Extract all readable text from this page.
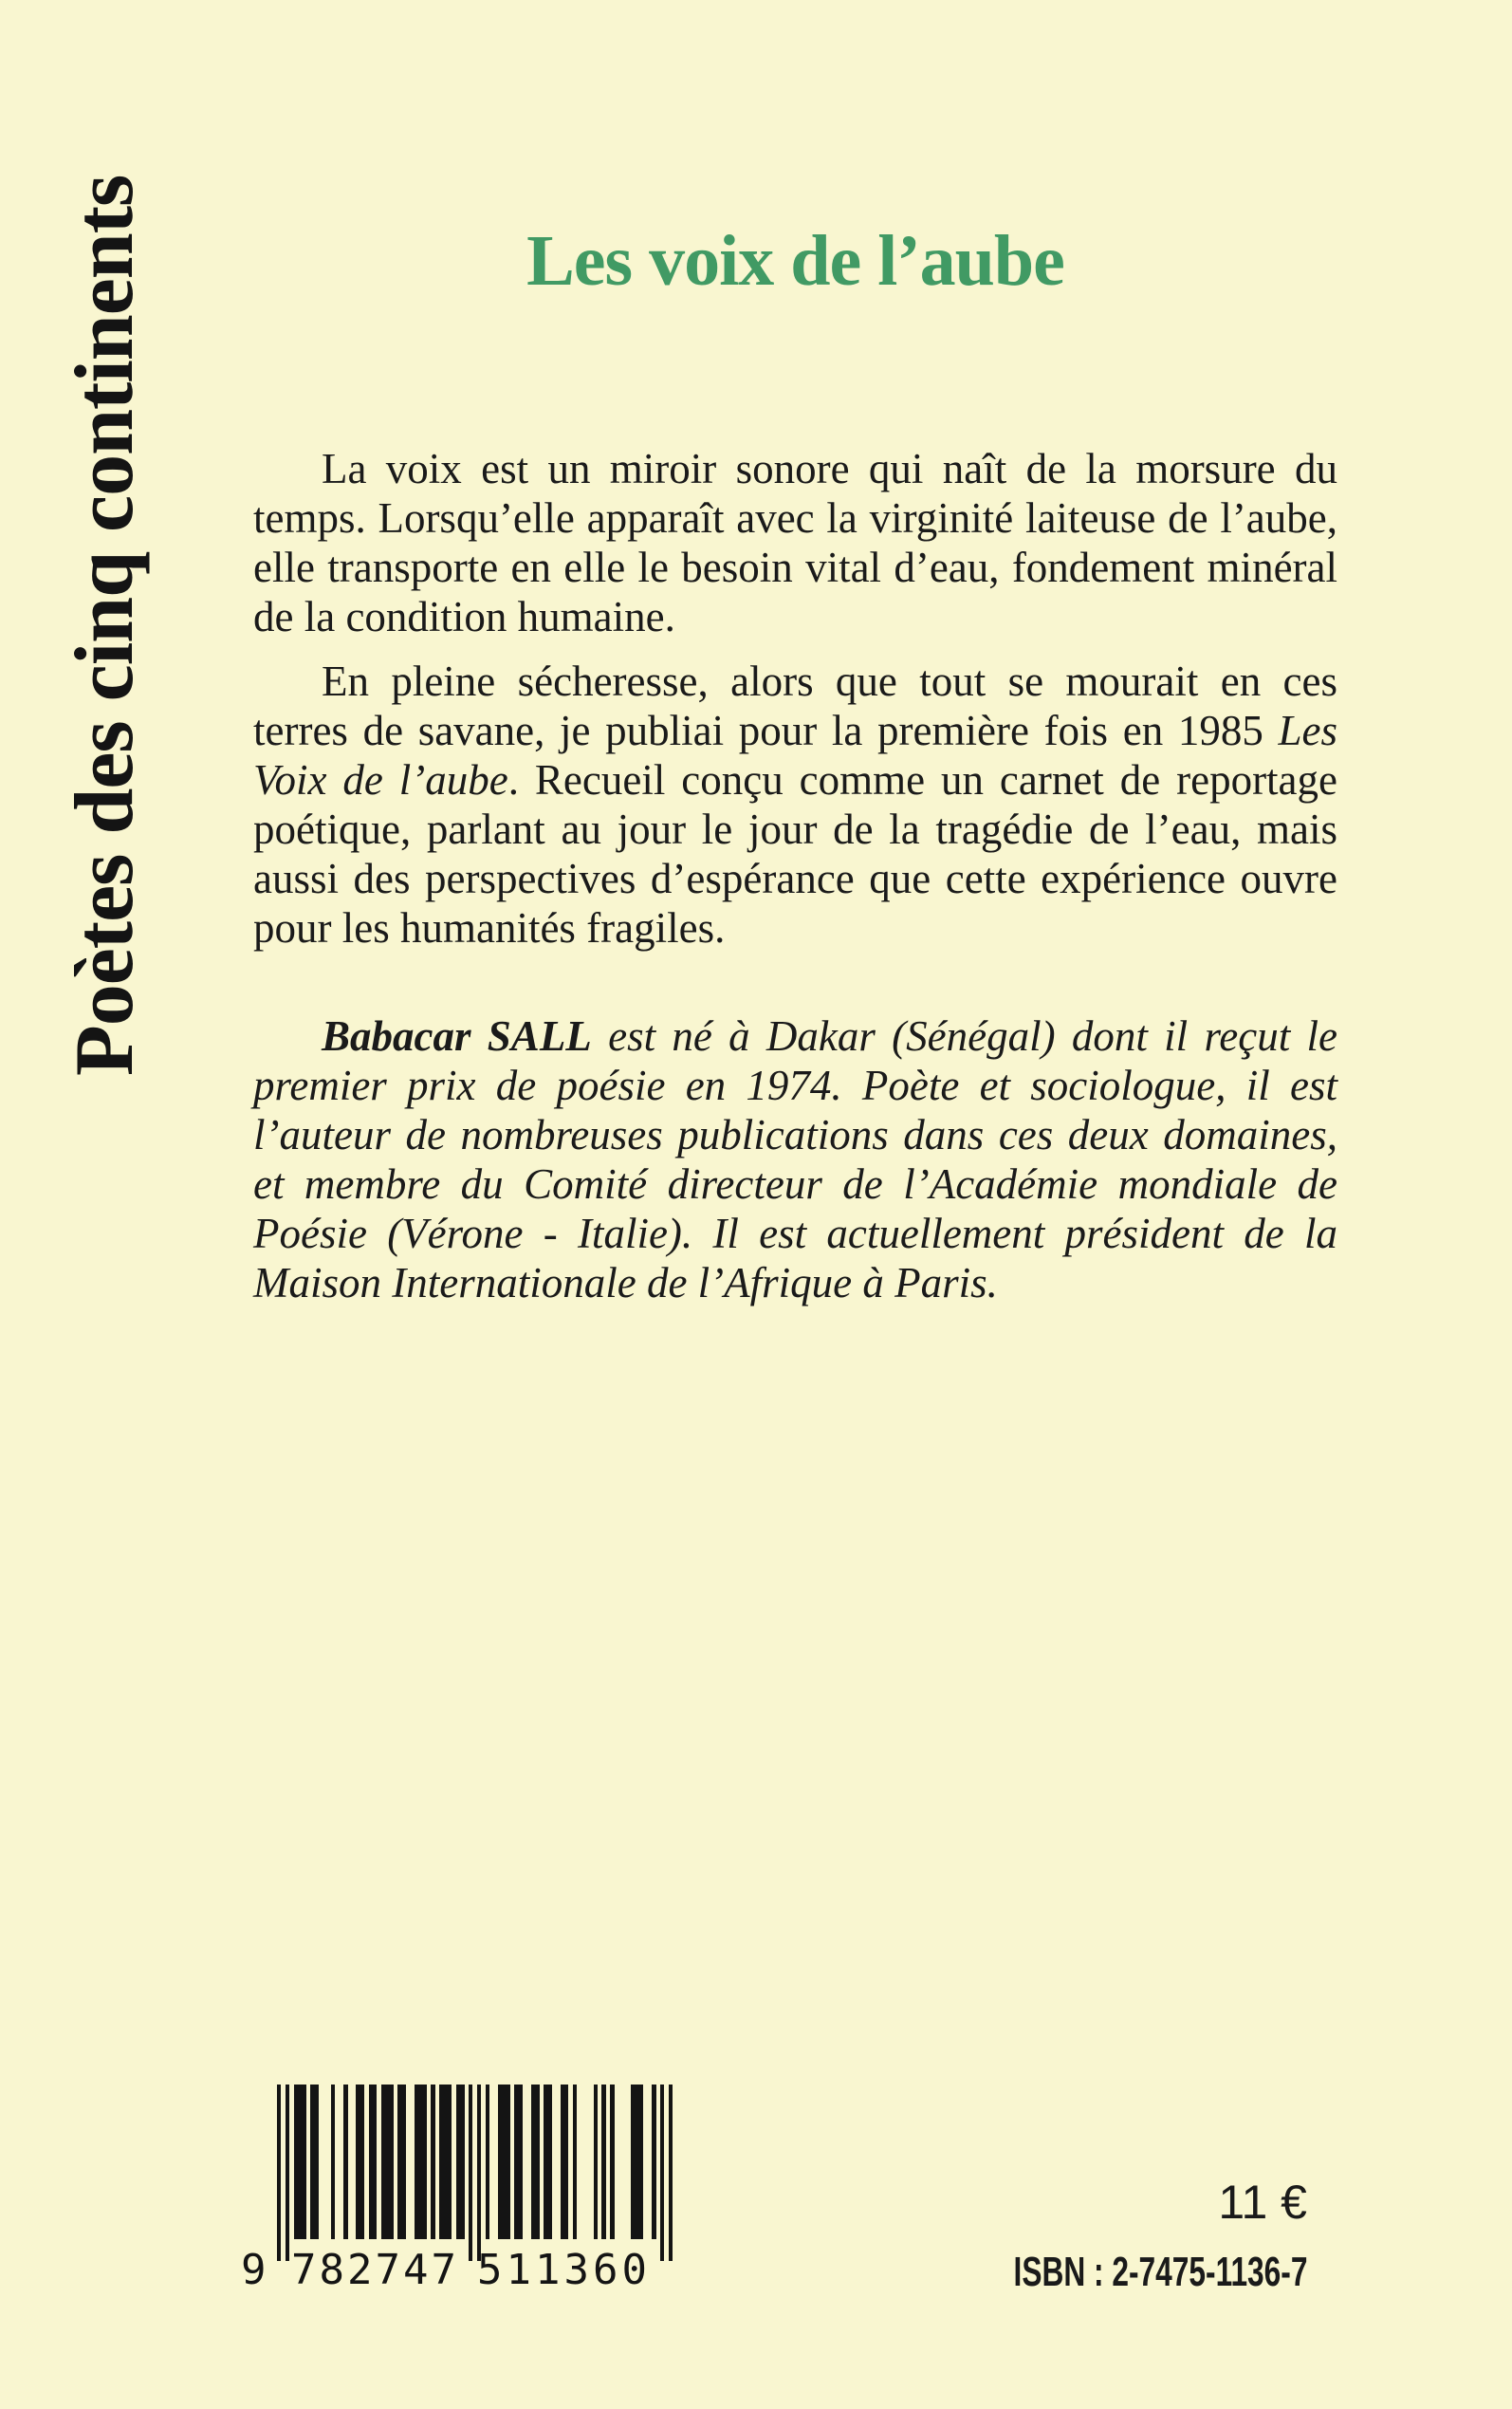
Poètes des cinq continents	Les voix de l’aube

La voix est un miroir sonore qui naît de la morsure du temps. Lorsqu’elle apparaît avec la virginité laiteuse de l’aube, elle transporte en elle le besoin vital d’eau, fondement minéral de la condition humaine.

En pleine sécheresse, alors que tout se mourait en ces terres de savane, je publiai pour la première fois en 1985 Les Voix de l’aube. Recueil conçu comme un carnet de reportage poétique, parlant au jour le jour de la tragédie de l’eau, mais aussi des perspectives d’espérance que cette expérience ouvre pour les humanités fragiles.

Babacar SALL est né à Dakar (Sénégal) dont il reçut le premier prix de poésie en 1974. Poète et sociologue, il est l’auteur de nombreuses publications dans ces deux domaines, et membre du Comité directeur de l’Académie mondiale de Poésie (Vérone - Italie). Il est actuellement président de la Maison Internationale de l’Afrique à Paris.

9 782747 511360
11 €
ISBN : 2-7475-1136-7
